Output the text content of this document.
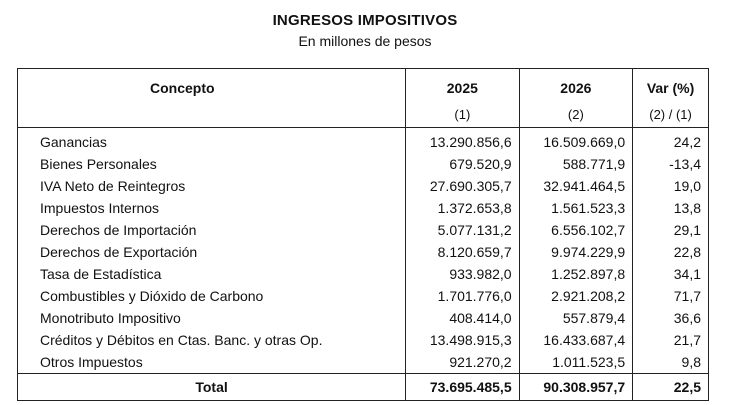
INGRESOS IMPOSITIVOS
En millones de pesos
Concepto	2025	2026	Var (%)
	(1)	(2)	(2) / (1)
Ganancias	13.290.856,6	16.509.669,0	24,2
Bienes Personales	679.520,9	588.771,9	-13,4
IVA Neto de Reintegros	27.690.305,7	32.941.464,5	19,0
Impuestos Internos	1.372.653,8	1.561.523,3	13,8
Derechos de Importación	5.077.131,2	6.556.102,7	29,1
Derechos de Exportación	8.120.659,7	9.974.229,9	22,8
Tasa de Estadística	933.982,0	1.252.897,8	34,1
Combustibles y Dióxido de Carbono	1.701.776,0	2.921.208,2	71,7
Monotributo Impositivo	408.414,0	557.879,4	36,6
Créditos y Débitos en Ctas. Banc. y otras Op.	13.498.915,3	16.433.687,4	21,7
Otros Impuestos	921.270,2	1.011.523,5	9,8
Total	73.695.485,5	90.308.957,7	22,5
